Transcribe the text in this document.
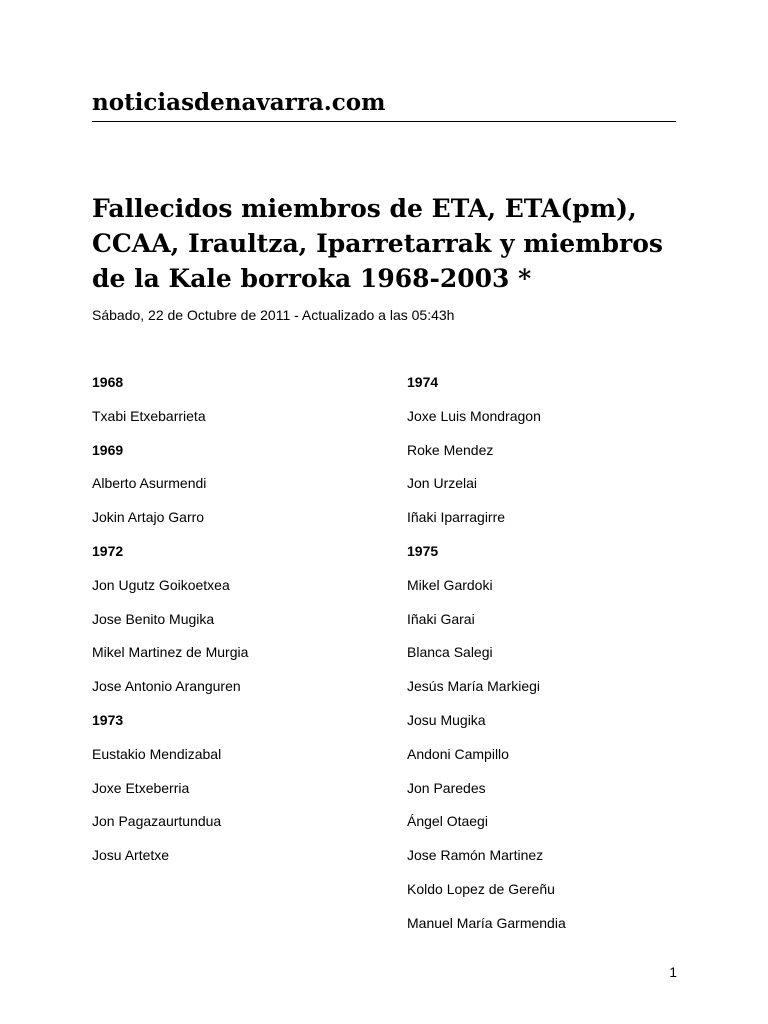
noticiasdenavarra.com
Fallecidos miembros de ETA, ETA(pm), CCAA, Iraultza, Iparretarrak y miembros de la Kale borroka 1968-2003 *

Sábado, 22 de Octubre de 2011 - Actualizado a las 05:43h

1968

Txabi Etxebarrieta

1969

Alberto Asurmendi

Jokin Artajo Garro

1972

Jon Ugutz Goikoetxea

Jose Benito Mugika

Mikel Martinez de Murgia

Jose Antonio Aranguren

1973

Eustakio Mendizabal

Joxe Etxeberria

Jon Pagazaurtundua

Josu Artetxe

1974

Joxe Luis Mondragon

Roke Mendez

Jon Urzelai

Iñaki Iparragirre

1975

Mikel Gardoki

Iñaki Garai

Blanca Salegi

Jesús María Markiegi

Josu Mugika

Andoni Campillo

Jon Paredes

Ángel Otaegi

Jose Ramón Martinez

Koldo Lopez de Gereñu

Manuel María Garmendia

1
